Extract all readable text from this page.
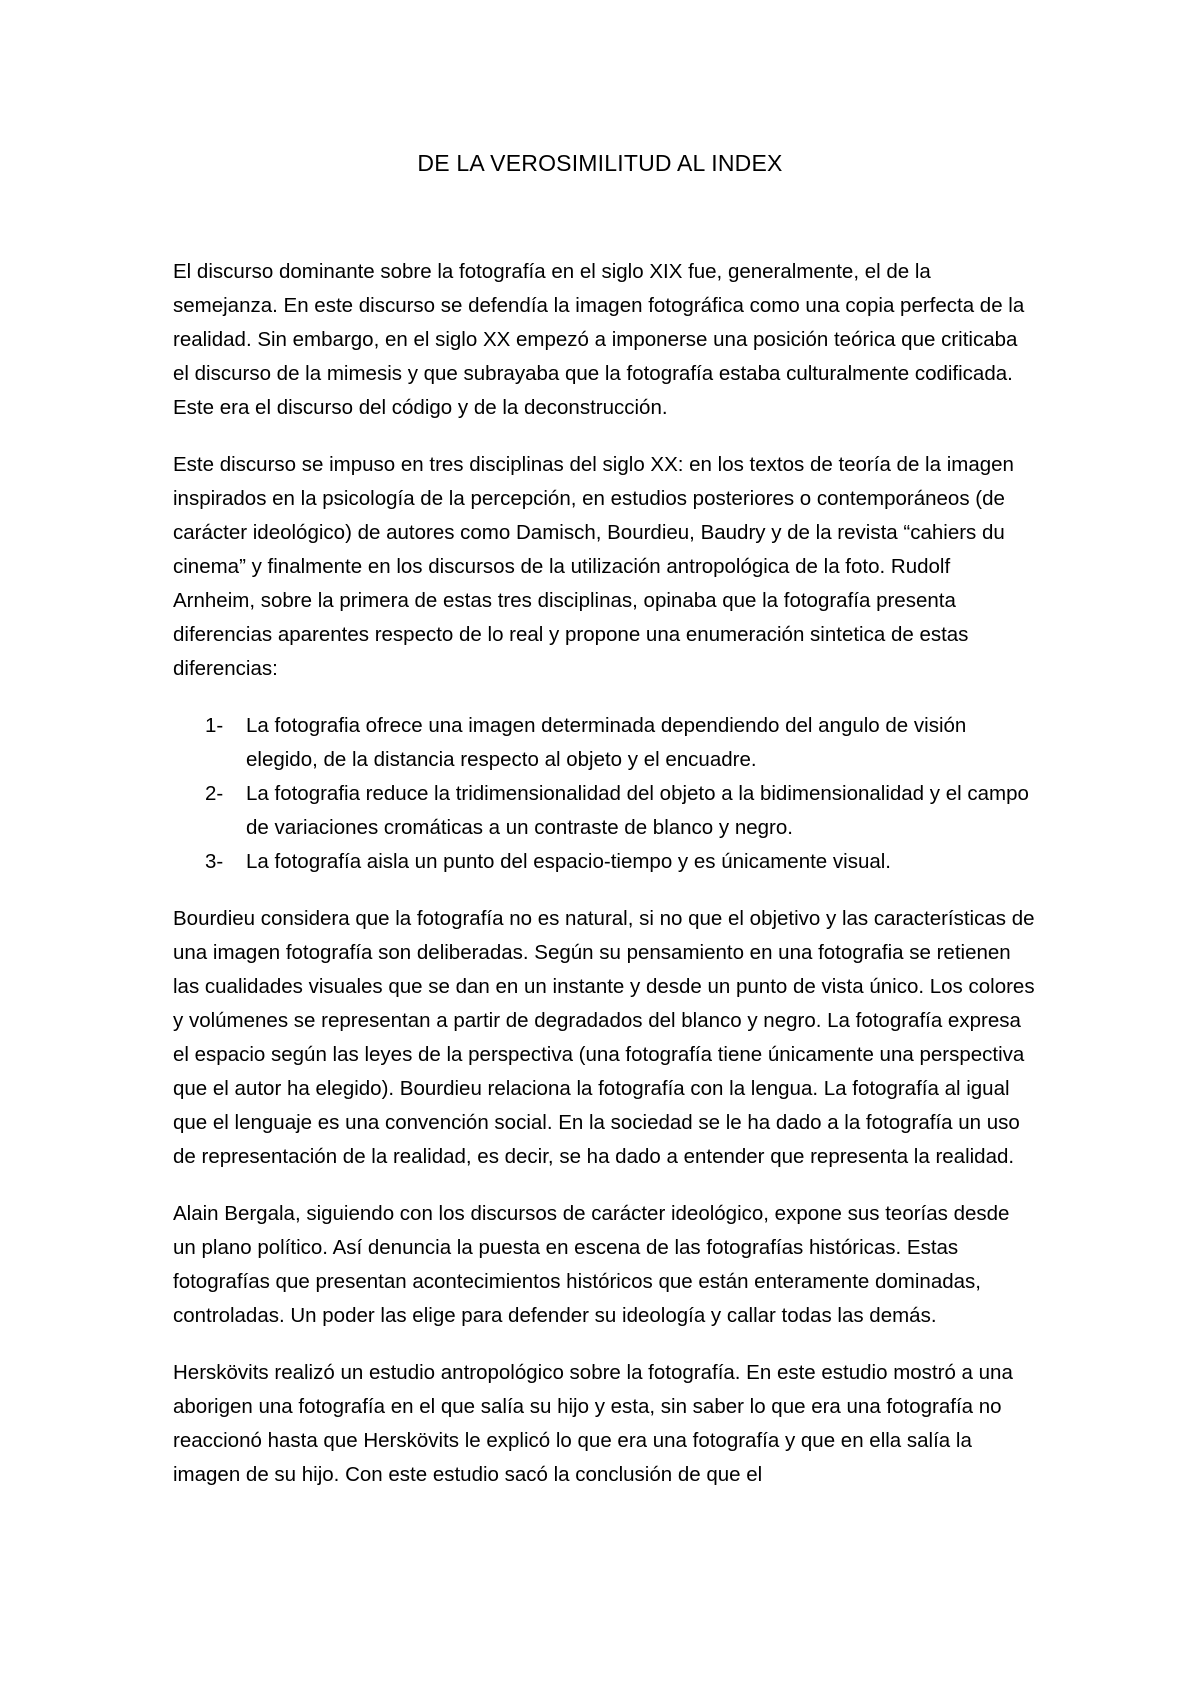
DE LA VEROSIMILITUD AL INDEX

El discurso dominante sobre la fotografía en el siglo XIX fue, generalmente, el de la semejanza. En este discurso se defendía la imagen fotográfica como una copia perfecta de la realidad. Sin embargo, en el siglo XX empezó a imponerse una posición teórica que criticaba el discurso de la mimesis y que subrayaba que la fotografía estaba culturalmente codificada. Este era el discurso del código y de la deconstrucción.

Este discurso se impuso en tres disciplinas del siglo XX: en los textos de teoría de la imagen inspirados en la psicología de la percepción, en estudios posteriores o contemporáneos (de carácter ideológico) de autores como Damisch, Bourdieu, Baudry y de la revista “cahiers du cinema” y finalmente en los discursos de la utilización antropológica de la foto. Rudolf Arnheim, sobre la primera de estas tres disciplinas, opinaba que la fotografía presenta diferencias aparentes respecto de lo real y propone una enumeración sintetica de estas diferencias:

1- La fotografia ofrece una imagen determinada dependiendo del angulo de visión elegido, de la distancia respecto al objeto y el encuadre.
2- La fotografia reduce la tridimensionalidad del objeto a la bidimensionalidad y el campo de variaciones cromáticas a un contraste de blanco y negro.
3- La fotografía aisla un punto del espacio-tiempo y es únicamente visual.

Bourdieu considera que la fotografía no es natural, si no que el objetivo y las características de una imagen fotografía son deliberadas. Según su pensamiento en una fotografia se retienen las cualidades visuales que se dan en un instante y desde un punto de vista único. Los colores y volúmenes se representan a partir de degradados del blanco y negro. La fotografía expresa el espacio según las leyes de la perspectiva (una fotografía tiene únicamente una perspectiva que el autor ha elegido). Bourdieu relaciona la fotografía con la lengua. La fotografía al igual que el lenguaje es una convención social. En la sociedad se le ha dado a la fotografía un uso de representación de la realidad, es decir, se ha dado a entender que representa la realidad.

Alain Bergala, siguiendo con los discursos de carácter ideológico, expone sus teorías desde un plano político. Así denuncia la puesta en escena de las fotografías históricas. Estas fotografías que presentan acontecimientos históricos que están enteramente dominadas, controladas. Un poder las elige para defender su ideología y callar todas las demás.

Herskövits realizó un estudio antropológico sobre la fotografía. En este estudio mostró a una aborigen una fotografía en el que salía su hijo y esta, sin saber lo que era una fotografía no reaccionó hasta que Herskövits le explicó lo que era una fotografía y que en ella salía la imagen de su hijo. Con este estudio sacó la conclusión de que el
